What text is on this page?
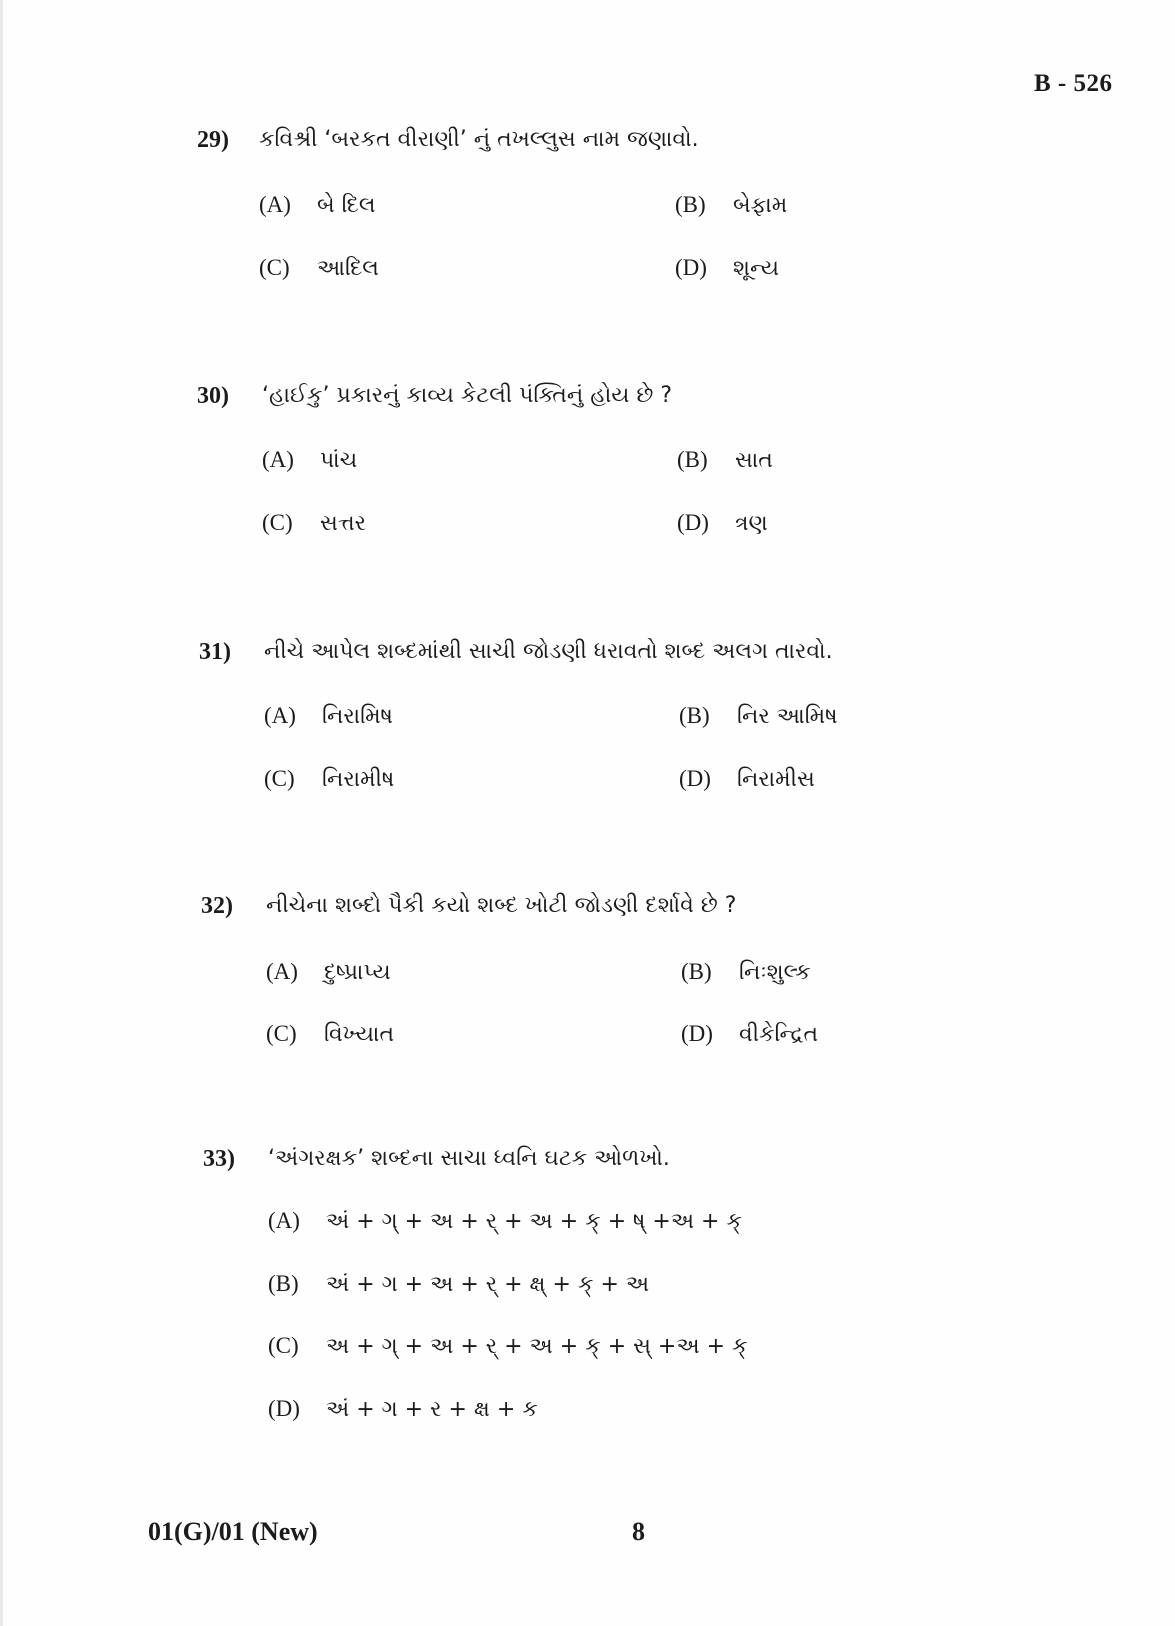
B - 526
29)	કવિશ્રી ‘બરકત વીરાણી’ નું તખલ્લુસ નામ જણાવો.
(A)	બે દિલ	(B)	બેફામ
(C)	આદિલ	(D)	શૂન્ય
30)	‘હાઈકુ’ પ્રકારનું કાવ્ય કેટલી પંક્તિનું હોય છે ?
(A)	પાંચ	(B)	સાત
(C)	સત્તર	(D)	ત્રણ
31)	નીચે આપેલ શબ્દમાંથી સાચી જોડણી ધરાવતો શબ્દ અલગ તારવો.
(A)	નિરામિષ	(B)	નિર આમિષ
(C)	નિરામીષ	(D)	નિરામીસ
32)	નીચેના શબ્દો પૈકી કયો શબ્દ ખોટી જોડણી દર્શાવે છે ?
(A)	દુષ્પ્રાપ્ય	(B)	નિઃશુલ્ક
(C)	વિખ્યાત	(D)	વીકેન્દ્રિત
33)	‘અંગરક્ષક’ શબ્દના સાચા ધ્વનિ ઘટક ઓળખો.
(A)	અં + ગ્ + અ + ર્ + અ + ક્ + ષ્ +અ + ક્
(B)	અં + ગ + અ + ર્ + ક્ષ્ + ક્ + અ
(C)	અ + ગ્ + અ + ર્ + અ + ક્ + સ્ +અ + ક્
(D)	અં + ગ + ર + ક્ષ + ક
01(G)/01 (New)	8
